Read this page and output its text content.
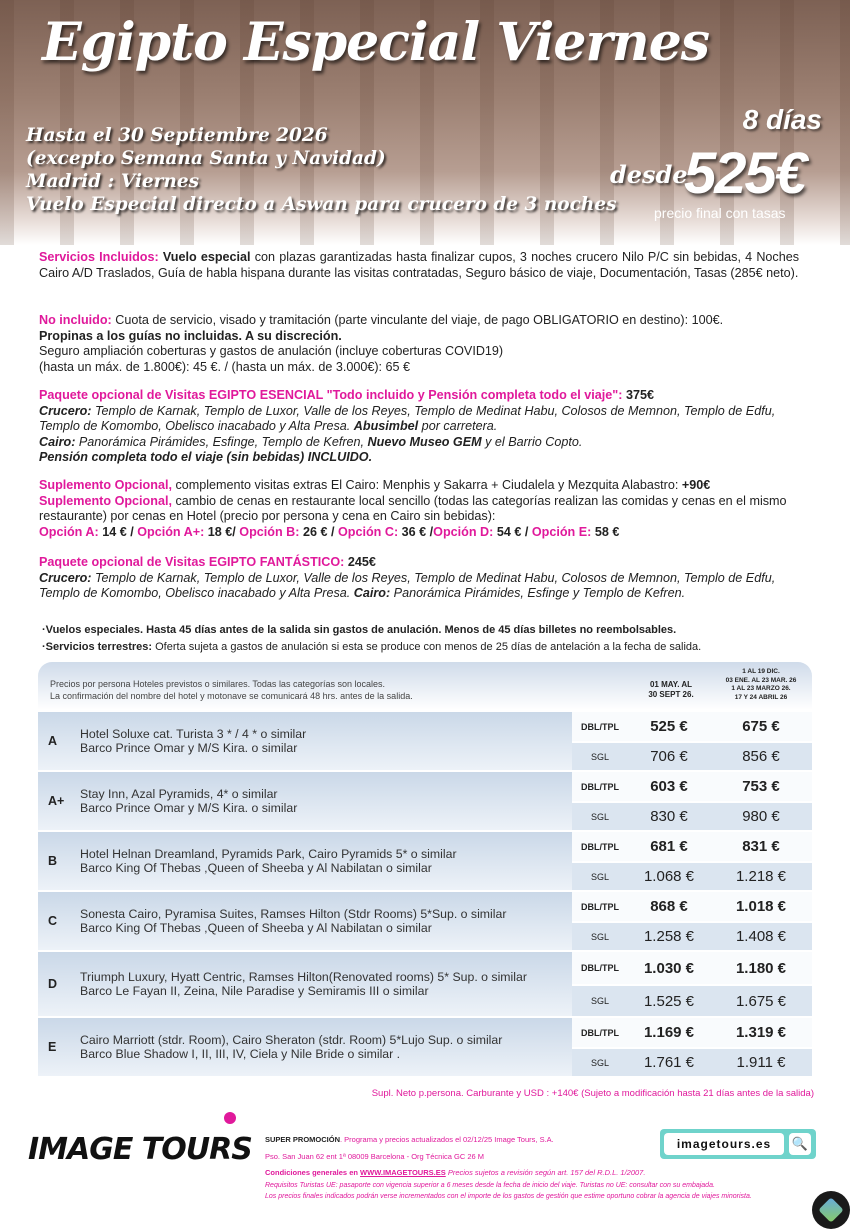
Egipto Especial Viernes
Hasta el 30 Septiembre 2026
(excepto Semana Santa y Navidad)
Madrid : Viernes
Vuelo Especial directo a Aswan para crucero de 3 noches
8 días
desde
525€
precio final con tasas
Servicios Incluidos: Vuelo especial con plazas garantizadas hasta finalizar cupos, 3 noches crucero Nilo P/C sin bebidas, 4 Noches Cairo A/D Traslados, Guía de habla hispana durante las visitas contratadas, Seguro básico de viaje, Documentación, Tasas (285€ neto).
No incluido: Cuota de servicio, visado y tramitación (parte vinculante del viaje, de pago OBLIGATORIO en destino): 100€.
Propinas a los guías no incluidas. A su discreción.
Seguro ampliación coberturas y gastos de anulación (incluye coberturas COVID19)
(hasta un máx. de 1.800€): 45 €. / (hasta un máx. de 3.000€): 65 €
Paquete opcional de Visitas EGIPTO ESENCIAL "Todo incluido y Pensión completa todo el viaje": 375€
Crucero: Templo de Karnak, Templo de Luxor, Valle de los Reyes, Templo de Medinat Habu, Colosos de Memnon, Templo de Edfu, Templo de Komombo, Obelisco inacabado y Alta Presa. Abusimbel por carretera.
Cairo: Panorámica Pirámides, Esfinge, Templo de Kefren, Nuevo Museo GEM y el Barrio Copto.
Pensión completa todo el viaje (sin bebidas) INCLUIDO.
Suplemento Opcional, complemento visitas extras El Cairo: Menphis y Sakarra + Ciudalela y Mezquita Alabastro: +90€
Suplemento Opcional, cambio de cenas en restaurante local sencillo (todas las categorías realizan las comidas y cenas en el mismo restaurante) por cenas en Hotel (precio por persona y cena en Cairo sin bebidas):
Opción A: 14 € / Opción A+: 18 €/ Opción B: 26 € / Opción C: 36 € /Opción D: 54 € / Opción E: 58 €
Paquete opcional de Visitas EGIPTO FANTÁSTICO: 245€
Crucero: Templo de Karnak, Templo de Luxor, Valle de los Reyes, Templo de Medinat Habu, Colosos de Memnon, Templo de Edfu, Templo de Komombo, Obelisco inacabado y Alta Presa. Cairo: Panorámica Pirámides, Esfinge y Templo de Kefren.
·Vuelos especiales. Hasta 45 días antes de la salida sin gastos de anulación. Menos de 45 días billetes no reembolsables.
·Servicios terrestres: Oferta sujeta a gastos de anulación si esta se produce con menos de 25 días de antelación a la fecha de salida.
Precios por persona Hoteles previstos o similares. Todas las categorías son locales.
La confirmación del nombre del hotel y motonave se comunicará 48 hrs. antes de la salida.
01 MAY. AL
30 SEPT 26.
1 AL 19 DIC.
03 ENE. AL 23 MAR. 26
1 AL 23 MARZO 26.
17 Y 24 ABRIL 26
A Hotel Soluxe cat. Turista 3 * / 4 * o similar
Barco Prince Omar y M/S Kira. o similar
DBL/TPL	525 €	675 €
SGL	706 €	856 €
A+ Stay Inn, Azal Pyramids, 4* o similar
Barco Prince Omar y M/S Kira. o similar
DBL/TPL	603 €	753 €
SGL	830 €	980 €
B Hotel Helnan Dreamland, Pyramids Park, Cairo Pyramids 5* o similar
Barco King Of Thebas ,Queen of Sheeba y Al Nabilatan o similar
DBL/TPL	681 €	831 €
SGL	1.068 €	1.218 €
C Sonesta Cairo, Pyramisa Suites, Ramses Hilton (Stdr Rooms) 5*Sup. o similar
Barco King Of Thebas ,Queen of Sheeba y Al Nabilatan o similar
DBL/TPL	868 €	1.018 €
SGL	1.258 €	1.408 €
D Triumph Luxury, Hyatt Centric, Ramses Hilton(Renovated rooms) 5* Sup. o similar
Barco Le Fayan II, Zeina, Nile Paradise y Semiramis III o similar
DBL/TPL	1.030 €	1.180 €
SGL	1.525 €	1.675 €
E Cairo Marriott (stdr. Room), Cairo Sheraton (stdr. Room) 5*Lujo Sup. o similar
Barco Blue Shadow I, II, III, IV, Ciela y Nile Bride o similar .
DBL/TPL	1.169 €	1.319 €
SGL	1.761 €	1.911 €
Supl. Neto p.persona. Carburante y USD : +140€ (Sujeto a modificación hasta 21 días antes de la salida)
IMAGE TOURS SUPER PROMOCIÓN. Programa y precios actualizados el 02/12/25 Image Tours, S.A.
Pso. San Juan 62 ent 1ª 08009 Barcelona - Org Técnica GC 26 M
Condiciones generales en WWW.IMAGETOURS.ES Precios sujetos a revisión según art. 157 del R.D.L. 1/2007.
Requisitos Turistas UE: pasaporte con vigencia superior a 6 meses desde la fecha de inicio del viaje. Turistas no UE: consultar con su embajada.
Los precios finales indicados podrán verse incrementados con el importe de los gastos de gestión que estime oportuno cobrar la agencia de viajes minorista.
imagetours.es	🔍
